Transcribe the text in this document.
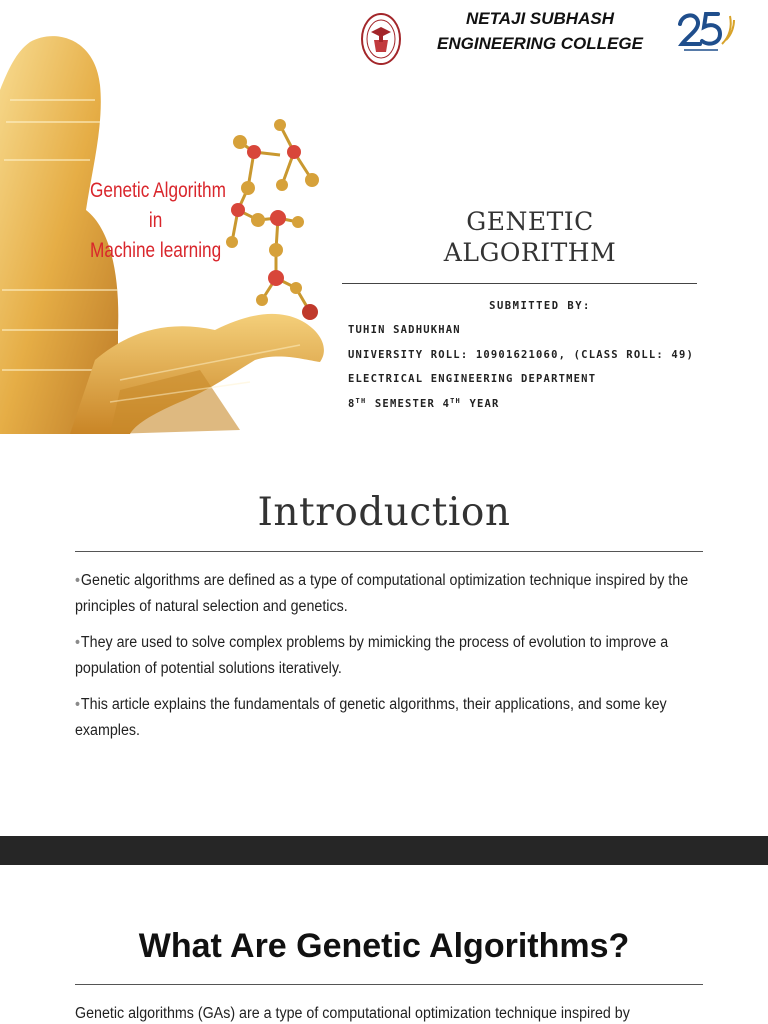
Genetic Algorithm
in
Machine learning
NETAJI SUBHASH
ENGINEERING COLLEGE
GENETIC
ALGORITHM
SUBMITTED BY:
TUHIN SADHUKHAN
UNIVERSITY ROLL: 10901621060, (CLASS ROLL: 49)
ELECTRICAL ENGINEERING DEPARTMENT
8TH SEMESTER 4TH YEAR
Introduction
•Genetic algorithms are defined as a type of computational optimization technique inspired by the principles of natural selection and genetics.
•They are used to solve complex problems by mimicking the process of evolution to improve a population of potential solutions iteratively.
•This article explains the fundamentals of genetic algorithms, their applications, and some key examples.
What Are Genetic Algorithms?
Genetic algorithms (GAs) are a type of computational optimization technique inspired by
